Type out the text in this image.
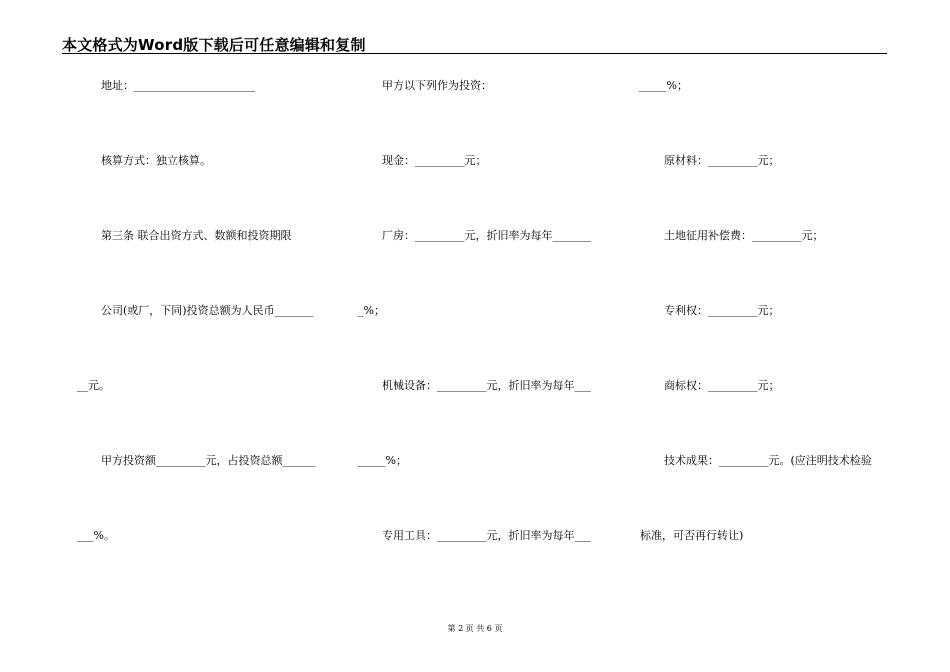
本文格式为Word版下载后可任意编辑和复制
地址：______________________
核算方式：独立核算。
第三条 联合出资方式、数额和投资期限
公司(或厂，下同)投资总额为人民币_______
__元。
甲方投资额_________元，占投资总额______
___%。
甲方以下列作为投资：
现金：_________元；
厂房：_________元，折旧率为每年_______
_%；
机械设备：_________元，折旧率为每年___
_____%；
专用工具：_________元，折旧率为每年___
_____%；
原材料：_________元；
土地征用补偿费：_________元；
专利权：_________元；
商标权：_________元；
技术成果：_________元。(应注明技术检验
标准，可否再行转让)
第 2 页 共 6 页
